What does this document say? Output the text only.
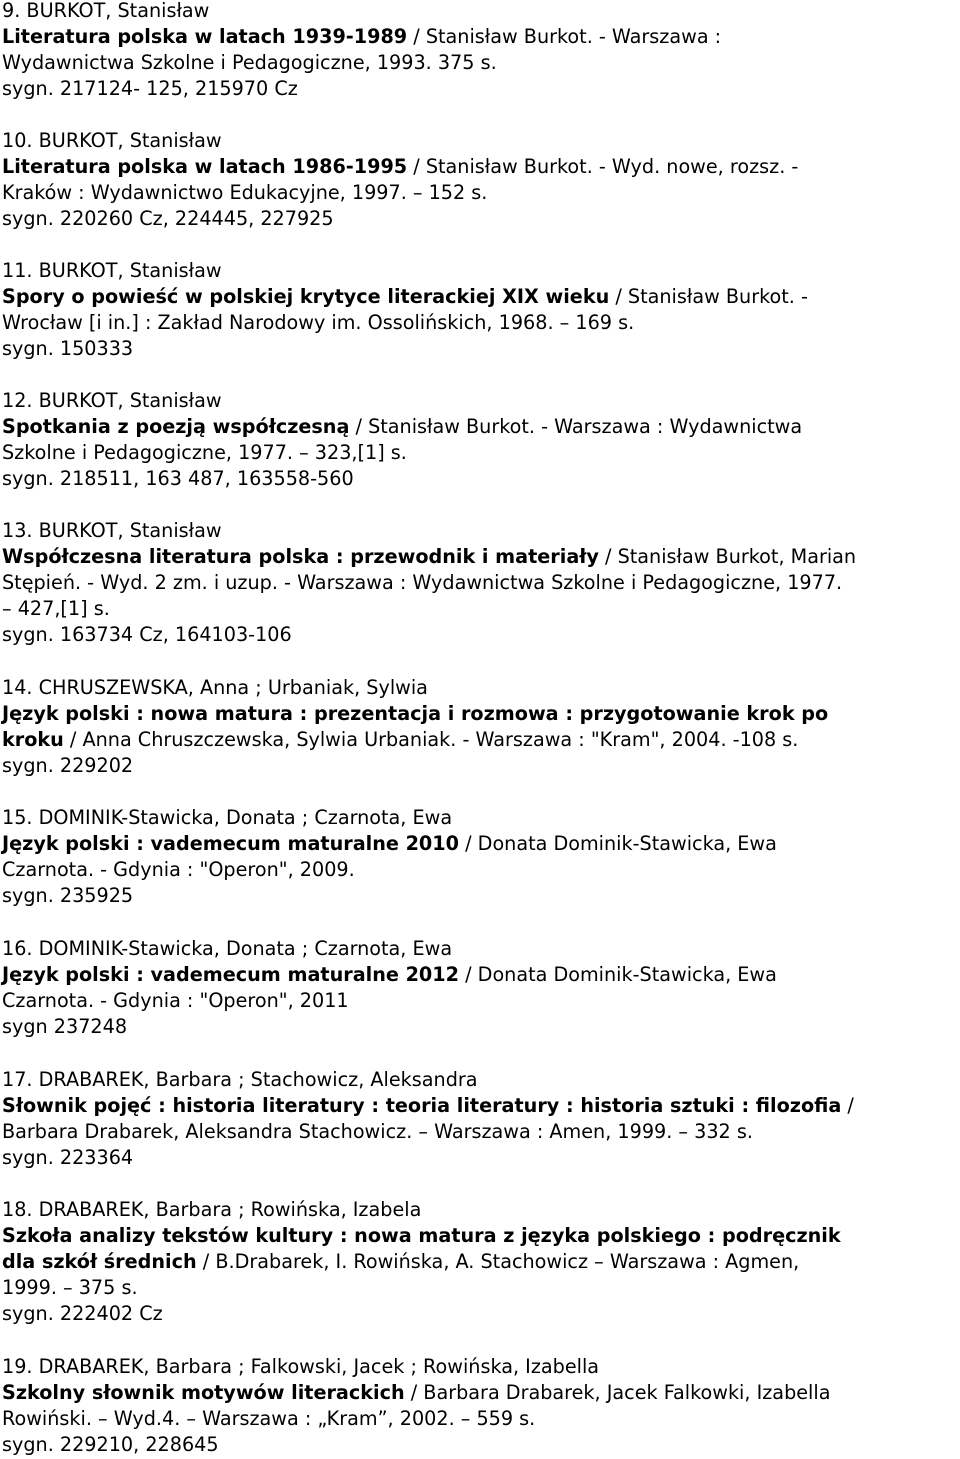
9. BURKOT, Stanisław
Literatura polska w latach 1939-1989 / Stanisław Burkot. - Warszawa :
Wydawnictwa Szkolne i Pedagogiczne, 1993. 375 s.
sygn. 217124- 125, 215970 Cz
10. BURKOT, Stanisław
Literatura polska w latach 1986-1995 / Stanisław Burkot. - Wyd. nowe, rozsz. -
Kraków : Wydawnictwo Edukacyjne, 1997. – 152 s.
sygn. 220260 Cz, 224445, 227925
11. BURKOT, Stanisław
Spory o powieść w polskiej krytyce literackiej XIX wieku / Stanisław Burkot. -
Wrocław [i in.] : Zakład Narodowy im. Ossolińskich, 1968. – 169 s.
sygn. 150333
12. BURKOT, Stanisław
Spotkania z poezją współczesną / Stanisław Burkot. - Warszawa : Wydawnictwa
Szkolne i Pedagogiczne, 1977. – 323,[1] s.
sygn. 218511, 163 487, 163558-560
13. BURKOT, Stanisław
Współczesna literatura polska : przewodnik i materiały / Stanisław Burkot, Marian
Stępień. - Wyd. 2 zm. i uzup. - Warszawa : Wydawnictwa Szkolne i Pedagogiczne, 1977.
– 427,[1] s.
sygn. 163734 Cz, 164103-106
14. CHRUSZEWSKA, Anna ; Urbaniak, Sylwia
Język polski : nowa matura : prezentacja i rozmowa : przygotowanie krok po
kroku / Anna Chruszczewska, Sylwia Urbaniak. - Warszawa : "Kram", 2004. -108 s.
sygn. 229202
15. DOMINIK-Stawicka, Donata ; Czarnota, Ewa
Język polski : vademecum maturalne 2010 / Donata Dominik-Stawicka, Ewa
Czarnota. - Gdynia : "Operon", 2009.
sygn. 235925
16. DOMINIK-Stawicka, Donata ; Czarnota, Ewa
Język polski : vademecum maturalne 2012 / Donata Dominik-Stawicka, Ewa
Czarnota. - Gdynia : "Operon", 2011
sygn 237248
17. DRABAREK, Barbara ; Stachowicz, Aleksandra
Słownik pojęć : historia literatury : teoria literatury : historia sztuki : filozofia /
Barbara Drabarek, Aleksandra Stachowicz. – Warszawa : Amen, 1999. – 332 s.
sygn. 223364
18. DRABAREK, Barbara ; Rowińska, Izabela
Szkoła analizy tekstów kultury : nowa matura z języka polskiego : podręcznik
dla szkół średnich / B.Drabarek, I. Rowińska, A. Stachowicz – Warszawa : Agmen,
1999. – 375 s.
sygn. 222402 Cz
19. DRABAREK, Barbara ; Falkowski, Jacek ; Rowińska, Izabella
Szkolny słownik motywów literackich / Barbara Drabarek, Jacek Falkowki, Izabella
Rowiński. – Wyd.4. – Warszawa : „Kram”, 2002. – 559 s.
sygn. 229210, 228645
